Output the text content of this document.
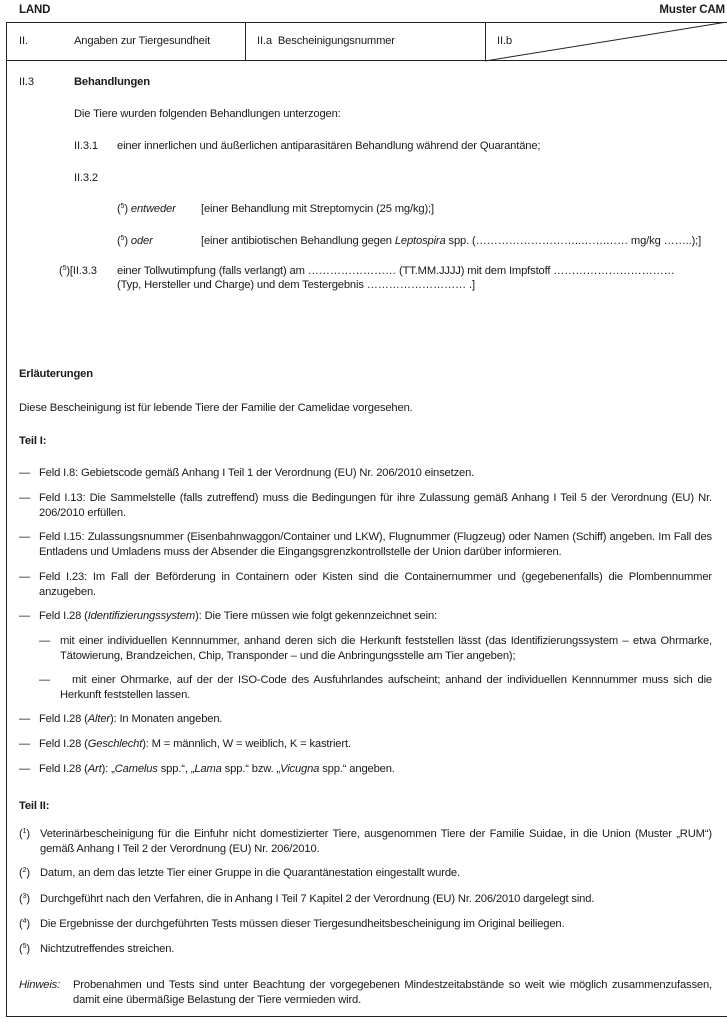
LAND	Muster CAM
II.	Angaben zur Tiergesundheit	II.a  Bescheinigungsnummer	II.b
II.3	Behandlungen
Die Tiere wurden folgenden Behandlungen unterzogen:
II.3.1 einer innerlichen und äußerlichen antiparasitären Behandlung während der Quarantäne;
II.3.2
($^5$) entweder [einer Behandlung mit Streptomycin (25 mg/kg);]
($^5$) oder	[einer antibiotischen Behandlung gegen Leptospira spp. (………………………..…….…… mg/kg ……..);]
($^5$)[II.3.3 einer Tollwutimpfung (falls verlangt) am …………………… (TT.MM.JJJJ) mit dem Impfstoff ……………………………
(Typ, Hersteller und Charge) und dem Testergebnis ……………………… .]
Erläuterungen
Diese Bescheinigung ist für lebende Tiere der Familie der Camelidae vorgesehen.
Teil I:
— Feld I.8: Gebietscode gemäß Anhang I Teil 1 der Verordnung (EU) Nr. 206/2010 einsetzen.
— Feld I.13: Die Sammelstelle (falls zutreffend) muss die Bedingungen für ihre Zulassung gemäß Anhang I Teil 5 der Verordnung (EU) Nr. 206/2010 erfüllen.
— Feld I.15: Zulassungsnummer (Eisenbahnwaggon/Container und LKW), Flugnummer (Flugzeug) oder Namen (Schiff) angeben. Im Fall des Entladens und Umladens muss der Absender die Eingangsgrenzkontrollstelle der Union darüber informieren.
— Feld I.23: Im Fall der Beförderung in Containern oder Kisten sind die Containernummer und (gegebenenfalls) die Plombennummer anzugeben.
— Feld I.28 (Identifizierungssystem): Die Tiere müssen wie folgt gekennzeichnet sein:
— mit einer individuellen Kennnummer, anhand deren sich die Herkunft feststellen lässt (das Identifizierungssystem – etwa Ohrmarke, Tätowierung, Brandzeichen, Chip, Transponder – und die Anbringungsstelle am Tier angeben);
—	mit einer Ohrmarke, auf der der ISO-Code des Ausfuhrlandes aufscheint; anhand der individuellen Kennnummer muss sich die Herkunft feststellen lassen.
— Feld I.28 (Alter): In Monaten angeben.
— Feld I.28 (Geschlecht): M = männlich, W = weiblich, K = kastriert.
— Feld I.28 (Art): „Camelus spp.“, „Lama spp.“ bzw. „Vicugna spp.“ angeben.
Teil II:
($^1$) Veterinärbescheinigung für die Einfuhr nicht domestizierter Tiere, ausgenommen Tiere der Familie Suidae, in die Union (Muster „RUM“) gemäß Anhang I Teil 2 der Verordnung (EU) Nr. 206/2010.
($^2$) Datum, an dem das letzte Tier einer Gruppe in die Quarantänestation eingestallt wurde.
($^3$) Durchgeführt nach den Verfahren, die in Anhang I Teil 7 Kapitel 2 der Verordnung (EU) Nr. 206/2010 dargelegt sind.
($^4$) Die Ergebnisse der durchgeführten Tests müssen dieser Tiergesundheitsbescheinigung im Original beiliegen.
($^5$) Nichtzutreffendes streichen.
Hinweis: Probenahmen und Tests sind unter Beachtung der vorgegebenen Mindestzeitabstände so weit wie möglich zusammenzufassen, damit eine übermäßige Belastung der Tiere vermieden wird.
